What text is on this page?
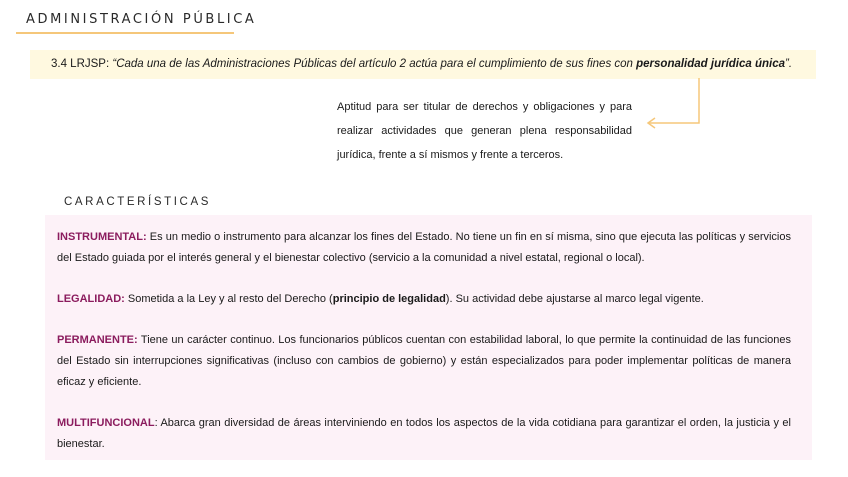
ADMINISTRACIÓN PÚBLICA
3.4 LRJSP: “Cada una de las Administraciones Públicas del artículo 2 actúa para el cumplimiento de sus fines con personalidad jurídica única”.

Aptitud para ser titular de derechos y obligaciones y para realizar actividades que generan plena responsabilidad jurídica, frente a sí mismos y frente a terceros.

CARACTERÍSTICAS

INSTRUMENTAL: Es un medio o instrumento para alcanzar los fines del Estado. No tiene un fin en sí misma, sino que ejecuta las políticas y servicios del Estado guiada por el interés general y el bienestar colectivo (servicio a la comunidad a nivel estatal, regional o local).

LEGALIDAD: Sometida a la Ley y al resto del Derecho (principio de legalidad). Su actividad debe ajustarse al marco legal vigente.

PERMANENTE: Tiene un carácter continuo. Los funcionarios públicos cuentan con estabilidad laboral, lo que permite la continuidad de las funciones del Estado sin interrupciones significativas (incluso con cambios de gobierno) y están especializados para poder implementar políticas de manera eficaz y eficiente.

MULTIFUNCIONAL: Abarca gran diversidad de áreas interviniendo en todos los aspectos de la vida cotidiana para garantizar el orden, la justicia y el bienestar.
